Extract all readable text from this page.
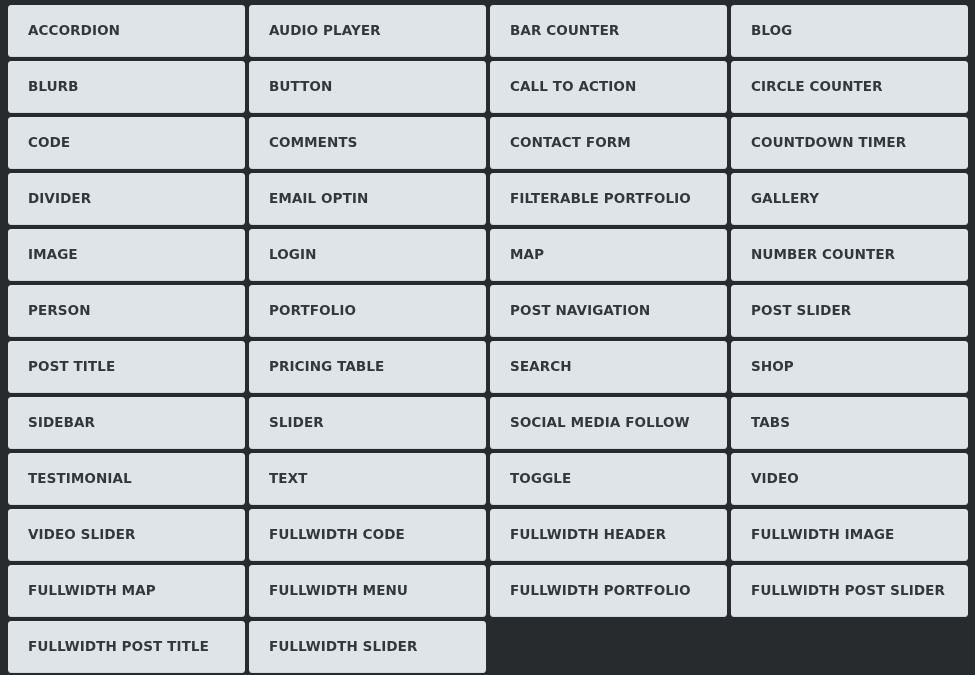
ACCORDION	AUDIO PLAYER	BAR COUNTER	BLOG
BLURB	BUTTON	CALL TO ACTION	CIRCLE COUNTER
CODE	COMMENTS	CONTACT FORM	COUNTDOWN TIMER
DIVIDER	EMAIL OPTIN	FILTERABLE PORTFOLIO	GALLERY
IMAGE	LOGIN	MAP	NUMBER COUNTER
PERSON	PORTFOLIO	POST NAVIGATION	POST SLIDER
POST TITLE	PRICING TABLE	SEARCH	SHOP
SIDEBAR	SLIDER	SOCIAL MEDIA FOLLOW	TABS
TESTIMONIAL	TEXT	TOGGLE	VIDEO
VIDEO SLIDER	FULLWIDTH CODE	FULLWIDTH HEADER	FULLWIDTH IMAGE
FULLWIDTH MAP	FULLWIDTH MENU	FULLWIDTH PORTFOLIO	FULLWIDTH POST SLIDER
FULLWIDTH POST TITLE	FULLWIDTH SLIDER
